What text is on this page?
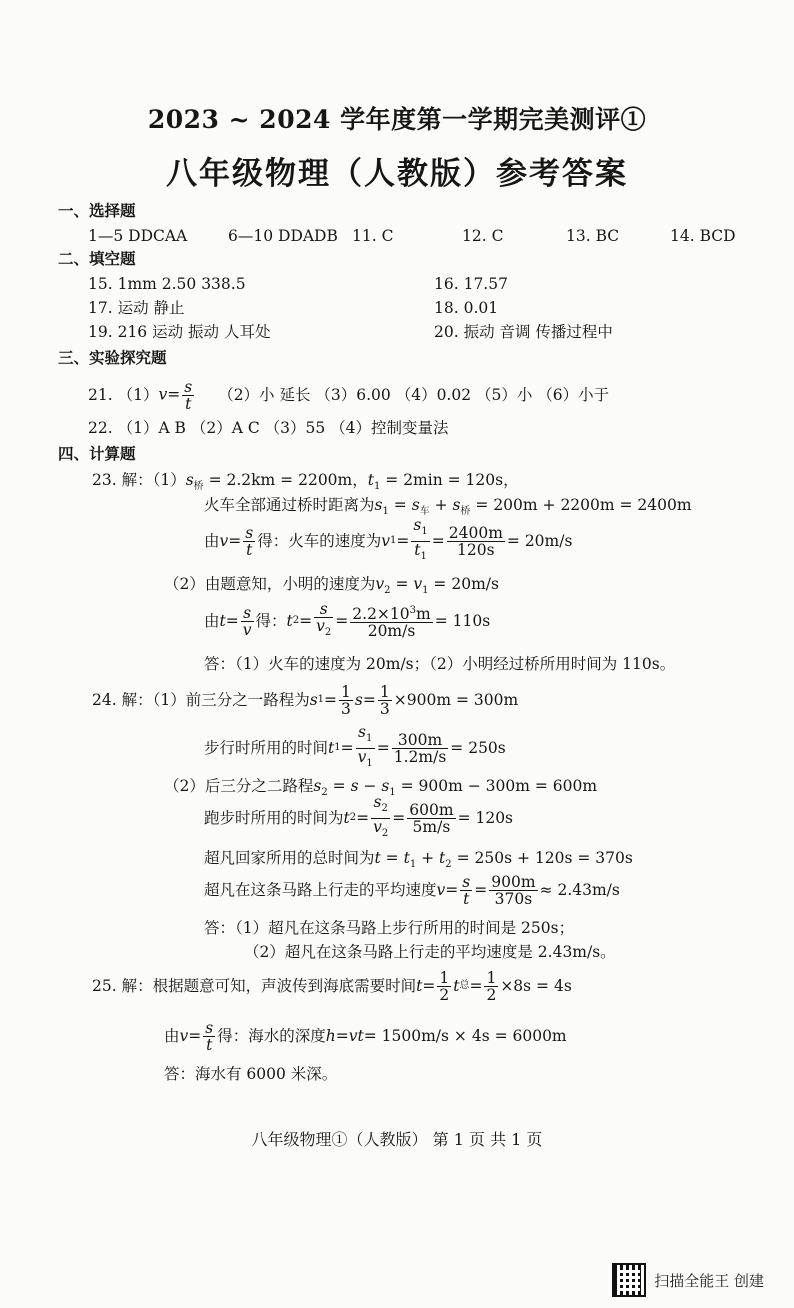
2023 ~ 2024 学年度第一学期完美测评①
八年级物理（人教版）参考答案
一、选择题
1—5 DDCAA	6—10 DDADB 11. C	12. C	13. BC	14. BCD
二、填空题
15. 1mm 2.50 338.5	16. 17.57
17. 运动 静止	18. 0.01
19. 216 运动 振动 人耳处	20. 振动 音调 传播过程中
三、实验探究题
21. （1） $v= \frac{s}{t} (2)$小 延长 （3）6.00 （4）0.02 （5）小 （6）小于
22. （1）A B （2）A C （3）55 （4）控制变量法
四、计算题
23. 解：$(1)s_桥 = 2.2km = 2200m$，$t_1 = 2\min = 120s$，
火车全部通过桥时距离为$s_1 = s_车 + s_桥 = 200m + 2200m = 2400m$
由 $v = \frac{s}{t}$ 得：火车的速度为 v $1 = \frac{s_1}{t_1} = \frac{2400m}{120s} = 20m/s$
（2）由题意知，小明的速度为$v_2 = v_1 = 20m/s$
由 $t = \frac{s}{v}$ 得： t $2 = \frac{s}{v_2} = \frac{2.2\times 10^3m}{20m/s} = 110s$
答：（1）火车的速度为 20m/s；（2）小明经过桥所用时间为 110s。
24. 解：（1）前三分之一路程为 s $1 = \frac{1}{3}$ $s = \frac{1}{3} \times 900m = 300m$
步行时所用的时间 t $1 = \frac{s_1}{v_1} = \frac{300m}{1.2m/s} = 250s$
（2）后三分之二路程$s_2 = s - s_1 = 900m - 300m = 600m$
跑步时所用的时间为 t $2 = \frac{s_2}{v_2} = \frac{600m}{5m/s} = 120s$
超凡回家所用的总时间为$t = t_1 + t_2 = 250s + 120s = 370s$
超凡在这条马路上行走的平均速度 $v = \frac{s}{t} = \frac{900m}{370s} \approx 2.43m/s$
答：（1）超凡在这条马路上步行所用的时间是 250s；
（2）超凡在这条马路上行走的平均速度是 2.43m/s。
25. 解：根据题意可知，声波传到海底需要时间 $t = \frac{1}{2}$ t 总 = $\frac{1}{2} \times 8s = 4s$
由 $v = \frac{s}{t}$ 得：海水的深度 h = vt = 1500m/s × 4s = 6000m
答：海水有 6000 米深。
八年级物理①（人教版） 第 1 页 共 1 页
扫描全能王 创建
